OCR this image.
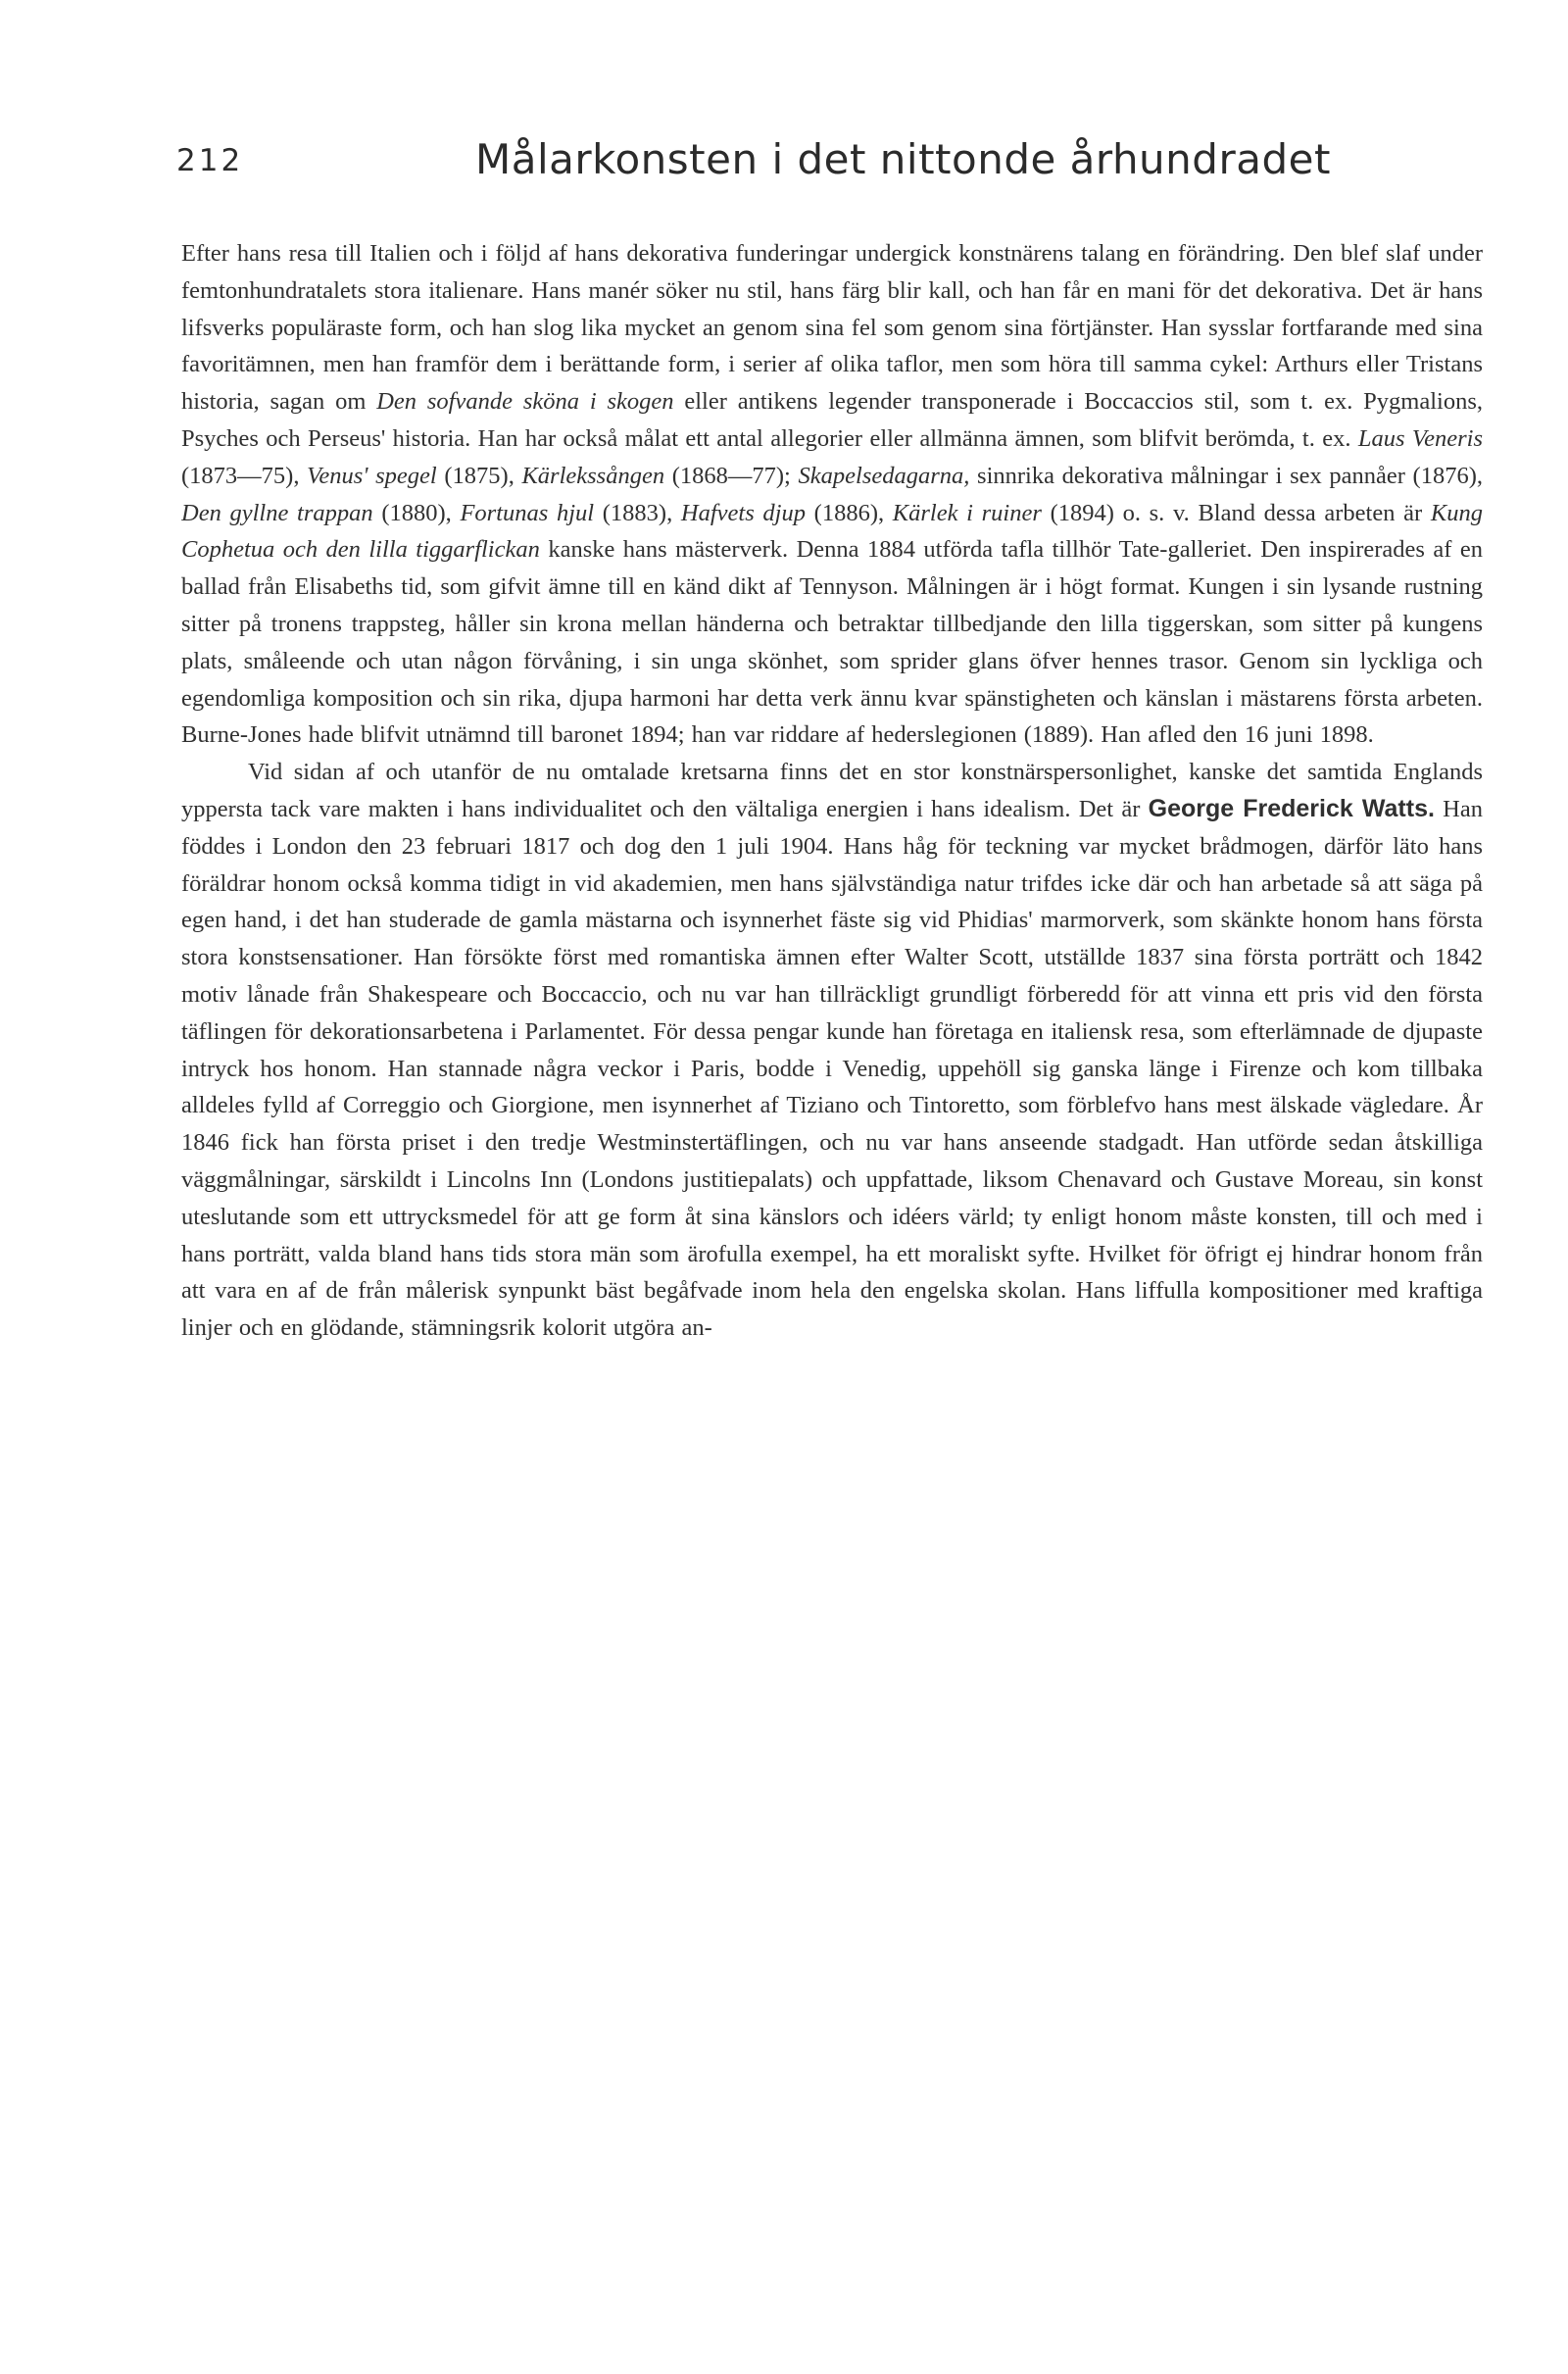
212	Målarkonsten i det nittonde århundradet

Efter hans resa till Italien och i följd af hans dekorativa funderingar undergick konstnärens talang en förändring. Den blef slaf under femtonhundratalets stora italienare. Hans manér söker nu stil, hans färg blir kall, och han får en mani för det dekorativa. Det är hans lifsverks populäraste form, och han slog lika mycket an genom sina fel som genom sina förtjänster. Han sysslar fortfarande med sina favoritämnen, men han framför dem i berättande form, i serier af olika taflor, men som höra till samma cykel: Arthurs eller Tristans historia, sagan om Den sofvande sköna i skogen eller antikens legender transponerade i Boccaccios stil, som t. ex. Pygmalions, Psyches och Perseus' historia. Han har också målat ett antal allegorier eller allmänna ämnen, som blifvit berömda, t. ex. Laus Veneris (1873—75), Venus' spegel (1875), Kärlekssången (1868—77); Skapelsedagarna, sinnrika dekorativa målningar i sex pannåer (1876), Den gyllne trappan (1880), Fortunas hjul (1883), Hafvets djup (1886), Kärlek i ruiner (1894) o. s. v. Bland dessa arbeten är Kung Cophetua och den lilla tiggarflickan kanske hans mästerverk. Denna 1884 utförda tafla tillhör Tate-galleriet. Den inspirerades af en ballad från Elisabeths tid, som gifvit ämne till en känd dikt af Tennyson. Målningen är i högt format. Kungen i sin lysande rustning sitter på tronens trappsteg, håller sin krona mellan händerna och betraktar tillbedjande den lilla tiggerskan, som sitter på kungens plats, småleende och utan någon förvåning, i sin unga skönhet, som sprider glans öfver hennes trasor. Genom sin lyckliga och egendomliga komposition och sin rika, djupa harmoni har detta verk ännu kvar spänstigheten och känslan i mästarens första arbeten. Burne-Jones hade blifvit utnämnd till baronet 1894; han var riddare af hederslegionen (1889). Han afled den 16 juni 1898.

Vid sidan af och utanför de nu omtalade kretsarna finns det en stor konstnärspersonlighet, kanske det samtida Englands yppersta tack vare makten i hans individualitet och den vältaliga energien i hans idealism. Det är George Frederick Watts. Han föddes i London den 23 februari 1817 och dog den 1 juli 1904. Hans håg för teckning var mycket brådmogen, därför läto hans föräldrar honom också komma tidigt in vid akademien, men hans självständiga natur trifdes icke där och han arbetade så att säga på egen hand, i det han studerade de gamla mästarna och isynnerhet fäste sig vid Phidias' marmorverk, som skänkte honom hans första stora konstsensationer. Han försökte först med romantiska ämnen efter Walter Scott, utställde 1837 sina första porträtt och 1842 motiv lånade från Shakespeare och Boccaccio, och nu var han tillräckligt grundligt förberedd för att vinna ett pris vid den första täflingen för dekorationsarbetena i Parlamentet. För dessa pengar kunde han företaga en italiensk resa, som efterlämnade de djupaste intryck hos honom. Han stannade några veckor i Paris, bodde i Venedig, uppehöll sig ganska länge i Firenze och kom tillbaka alldeles fylld af Correggio och Giorgione, men isynnerhet af Tiziano och Tintoretto, som förblefvo hans mest älskade vägledare. År 1846 fick han första priset i den tredje Westminstertäflingen, och nu var hans anseende stadgadt. Han utförde sedan åtskilliga väggmålningar, särskildt i Lincolns Inn (Londons justitiepalats) och uppfattade, liksom Chenavard och Gustave Moreau, sin konst uteslutande som ett uttrycksmedel för att ge form åt sina känslors och idéers värld; ty enligt honom måste konsten, till och med i hans porträtt, valda bland hans tids stora män som ärofulla exempel, ha ett moraliskt syfte. Hvilket för öfrigt ej hindrar honom från att vara en af de från målerisk synpunkt bäst begåfvade inom hela den engelska skolan. Hans liffulla kompositioner med kraftiga linjer och en glödande, stämningsrik kolorit utgöra an-
